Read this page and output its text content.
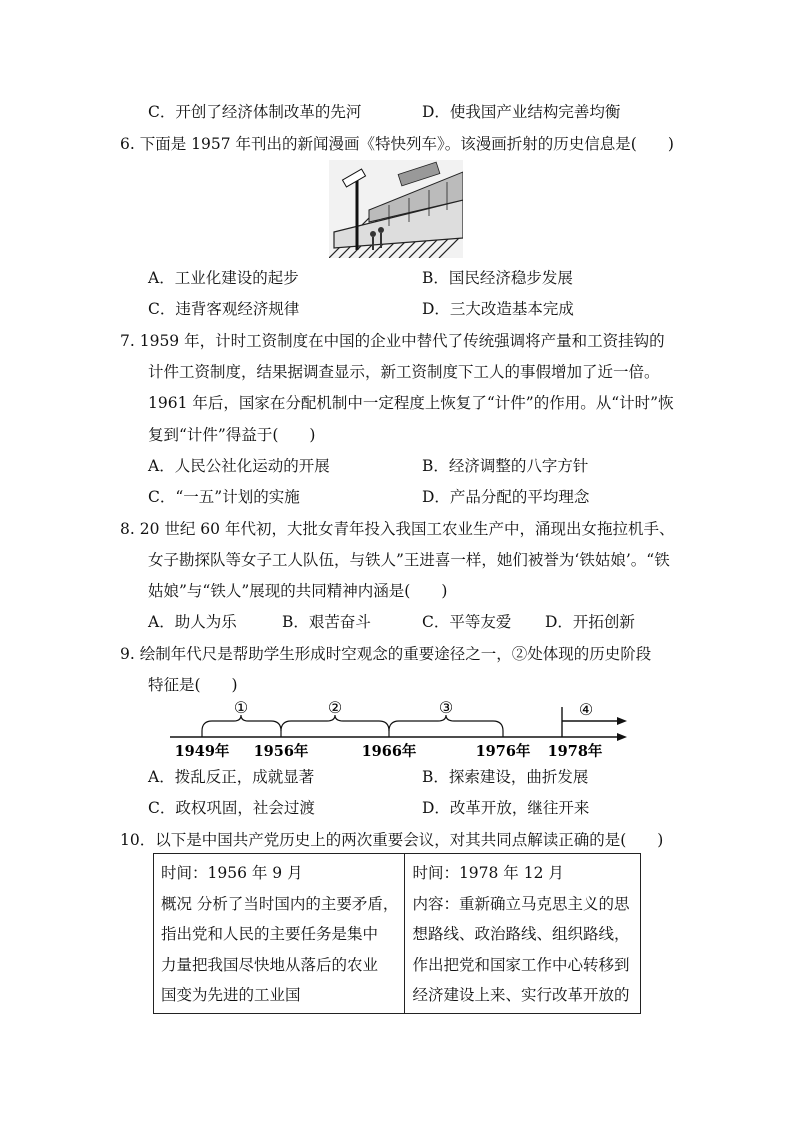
C．开创了经济体制改革的先河	D．使我国产业结构完善均衡
6. 下面是 1957 年刊出的新闻漫画《特快列车》。该漫画折射的历史信息是(　　)
A．工业化建设的起步	B．国民经济稳步发展
C．违背客观经济规律	D．三大改造基本完成
7. 1959 年，计时工资制度在中国的企业中替代了传统强调将产量和工资挂钩的
计件工资制度，结果据调查显示，新工资制度下工人的事假增加了近一倍。
1961 年后，国家在分配机制中一定程度上恢复了“计件”的作用。从“计时”恢
复到“计件”得益于(　　)
A．人民公社化运动的开展	B．经济调整的八字方针
C．“一五”计划的实施	D．产品分配的平均理念
8. 20 世纪 60 年代初，大批女青年投入我国工农业生产中，涌现出女拖拉机手、
女子勘探队等女子工人队伍，与铁人”王进喜一样，她们被誉为‘铁姑娘’。“铁
姑娘”与“铁人”展现的共同精神内涵是(　　)
A．助人为乐	B．艰苦奋斗	C．平等友爱 D．开拓创新
9. 绘制年代尺是帮助学生形成时空观念的重要途径之一，②处体现的历史阶段
特征是(　　)
①	②	③	④
1949年 1956年	1966年	1976年 1978年
A．拨乱反正，成就显著	B．探索建设，曲折发展
C．政权巩固，社会过渡	D．改革开放，继往开来
10．以下是中国共产党历史上的两次重要会议，对其共同点解读正确的是(　　)
时间：1956 年 9 月
概况 分析了当时国内的主要矛盾，
指出党和人民的主要任务是集中
力量把我国尽快地从落后的农业
国变为先进的工业国

时间：1978 年 12 月
内容：重新确立马克思主义的思
想路线、政治路线、组织路线，
作出把党和国家工作中心转移到
经济建设上来、实行改革开放的
